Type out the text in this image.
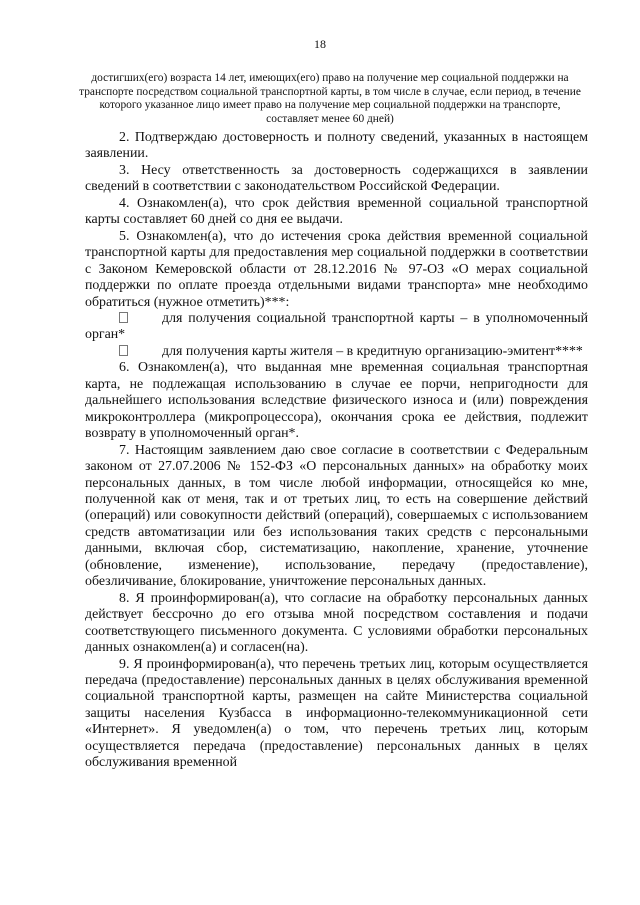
18
достигших(его) возраста 14 лет, имеющих(его) право на получение мер социальной поддержки на транспорте посредством социальной транспортной карты, в том числе в случае, если период, в течение которого указанное лицо имеет право на получение мер социальной поддержки на транспорте, составляет менее 60 дней)

2. Подтверждаю достоверность и полноту сведений, указанных в настоящем заявлении.

3. Несу ответственность за достоверность содержащихся в заявлении сведений в соответствии с законодательством Российской Федерации.

4. Ознакомлен(а), что срок действия временной социальной транспортной карты составляет 60 дней со дня ее выдачи.

5. Ознакомлен(а), что до истечения срока действия временной социальной транспортной карты для предоставления мер социальной поддержки в соответствии с Законом Кемеровской области от 28.12.2016 № 97-ОЗ «О мерах социальной поддержки по оплате проезда отдельными видами транспорта» мне необходимо обратиться (нужное отметить)***:

для получения социальной транспортной карты – в уполномоченный орган*

для получения карты жителя – в кредитную организацию-эмитент****

6. Ознакомлен(а), что выданная мне временная социальная транспортная карта, не подлежащая использованию в случае ее порчи, непригодности для дальнейшего использования вследствие физического износа и (или) повреждения микроконтроллера (микропроцессора), окончания срока ее действия, подлежит возврату в уполномоченный орган*.

7. Настоящим заявлением даю свое согласие в соответствии с Федеральным законом от 27.07.2006 № 152-ФЗ «О персональных данных» на обработку моих персональных данных, в том числе любой информации, относящейся ко мне, полученной как от меня, так и от третьих лиц, то есть на совершение действий (операций) или совокупности действий (операций), совершаемых с использованием средств автоматизации или без использования таких средств с персональными данными, включая сбор, систематизацию, накопление, хранение, уточнение (обновление, изменение), использование, передачу (предоставление), обезличивание, блокирование, уничтожение персональных данных.

8. Я проинформирован(а), что согласие на обработку персональных данных действует бессрочно до его отзыва мной посредством составления и подачи соответствующего письменного документа. С условиями обработки персональных данных ознакомлен(а) и согласен(на).

9. Я проинформирован(а), что перечень третьих лиц, которым осуществляется передача (предоставление) персональных данных в целях обслуживания временной социальной транспортной карты, размещен на сайте Министерства социальной защиты населения Кузбасса в информационно-телекоммуникационной сети «Интернет». Я уведомлен(а) о том, что перечень третьих лиц, которым осуществляется передача (предоставление) персональных данных в целях обслуживания временной
